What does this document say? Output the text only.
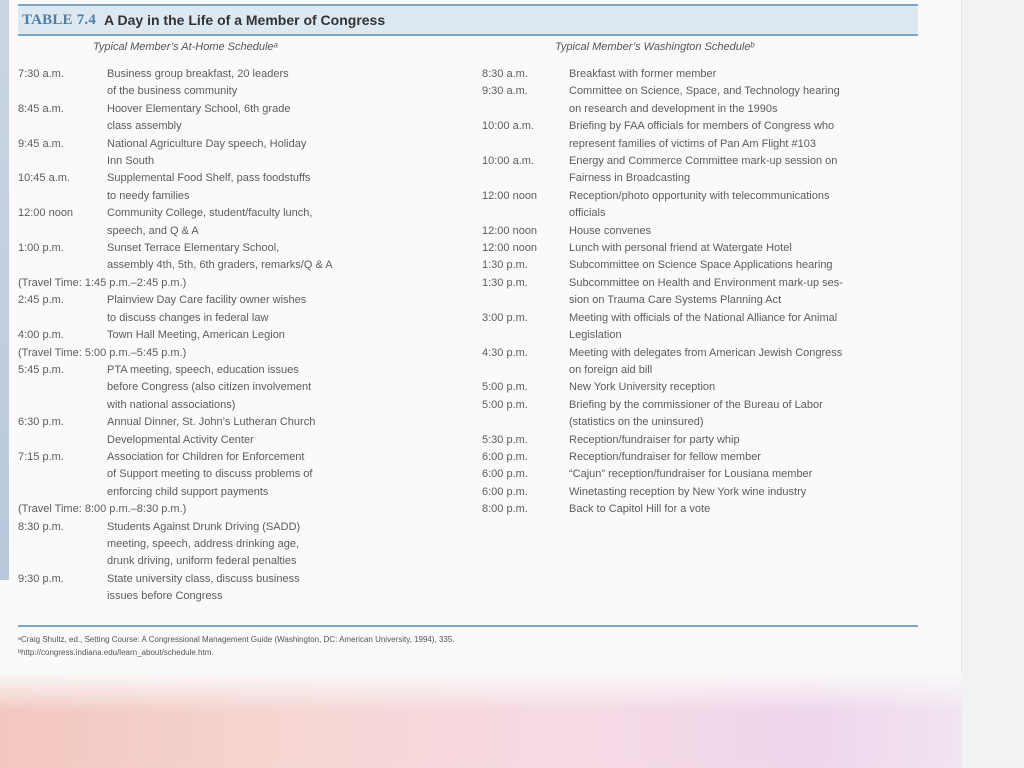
TABLE 7.4 A Day in the Life of a Member of Congress
Typical Member’s At-Home Scheduleᵃ	Typical Member’s Washington Scheduleᵇ
7:30 a.m.	Business group breakfast, 20 leaders
of the business community
8:45 a.m.	Hoover Elementary School, 6th grade
class assembly
9:45 a.m.	National Agriculture Day speech, Holiday
Inn South
10:45 a.m.	Supplemental Food Shelf, pass foodstuffs
to needy families
12:00 noon	Community College, student/faculty lunch,
speech, and Q & A
1:00 p.m.	Sunset Terrace Elementary School,
assembly 4th, 5th, 6th graders, remarks/Q & A
(Travel Time: 1:45 p.m.–2:45 p.m.)
2:45 p.m.	Plainview Day Care facility owner wishes
to discuss changes in federal law
4:00 p.m.	Town Hall Meeting, American Legion
(Travel Time: 5:00 p.m.–5:45 p.m.)
5:45 p.m.	PTA meeting, speech, education issues
before Congress (also citizen involvement
with national associations)
6:30 p.m.	Annual Dinner, St. John’s Lutheran Church
Developmental Activity Center
7:15 p.m.	Association for Children for Enforcement
of Support meeting to discuss problems of
enforcing child support payments
(Travel Time: 8:00 p.m.–8:30 p.m.)
8:30 p.m.	Students Against Drunk Driving (SADD)
meeting, speech, address drinking age,
drunk driving, uniform federal penalties
9:30 p.m.	State university class, discuss business
issues before Congress
8:30 a.m.	Breakfast with former member
9:30 a.m.	Committee on Science, Space, and Technology hearing
on research and development in the 1990s
10:00 a.m.	Briefing by FAA officials for members of Congress who
represent families of victims of Pan Am Flight #103
10:00 a.m.	Energy and Commerce Committee mark-up session on
Fairness in Broadcasting
12:00 noon	Reception/photo opportunity with telecommunications
officials
12:00 noon	House convenes
12:00 noon	Lunch with personal friend at Watergate Hotel
1:30 p.m.	Subcommittee on Science Space Applications hearing
1:30 p.m.	Subcommittee on Health and Environment mark-up ses-
sion on Trauma Care Systems Planning Act
3:00 p.m.	Meeting with officials of the National Alliance for Animal
Legislation
4:30 p.m.	Meeting with delegates from American Jewish Congress
on foreign aid bill
5:00 p.m.	New York University reception
5:00 p.m.	Briefing by the commissioner of the Bureau of Labor
(statistics on the uninsured)
5:30 p.m.	Reception/fundraiser for party whip
6:00 p.m.	Reception/fundraiser for fellow member
6:00 p.m.	“Cajun” reception/fundraiser for Lousiana member
6:00 p.m.	Winetasting reception by New York wine industry
8:00 p.m.	Back to Capitol Hill for a vote
ᵃCraig Shultz, ed., Setting Course: A Congressional Management Guide (Washington, DC: American University, 1994), 335.
ᵇhttp://congress.indiana.edu/learn_about/schedule.htm.
